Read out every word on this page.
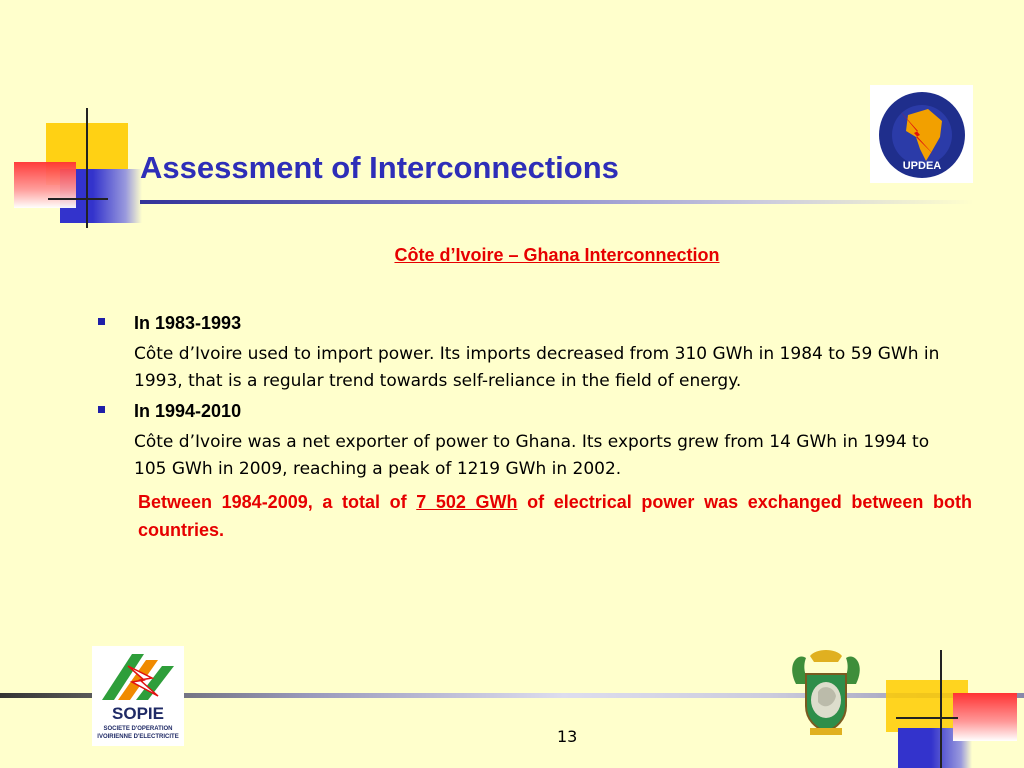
Assessment of Interconnections	UPDEA
Côte d’Ivoire – Ghana Interconnection

In 1983-1993

Côte d’Ivoire used to import power. Its imports decreased from 310 GWh in 1984 to 59 GWh in 1993, that is a regular trend towards self-reliance in the field of energy.

In 1994-2010

Côte d’Ivoire was a net exporter of power to Ghana. Its exports grew from 14 GWh in 1994 to 105 GWh in 2009, reaching a peak of 1219 GWh in 2002.

Between 1984-2009, a total of 7 502 GWh of electrical power was exchanged between both countries.

SOPIE
SOCIETE D'OPERATION
IVOIRIENNE D'ELECTRICITE	13
